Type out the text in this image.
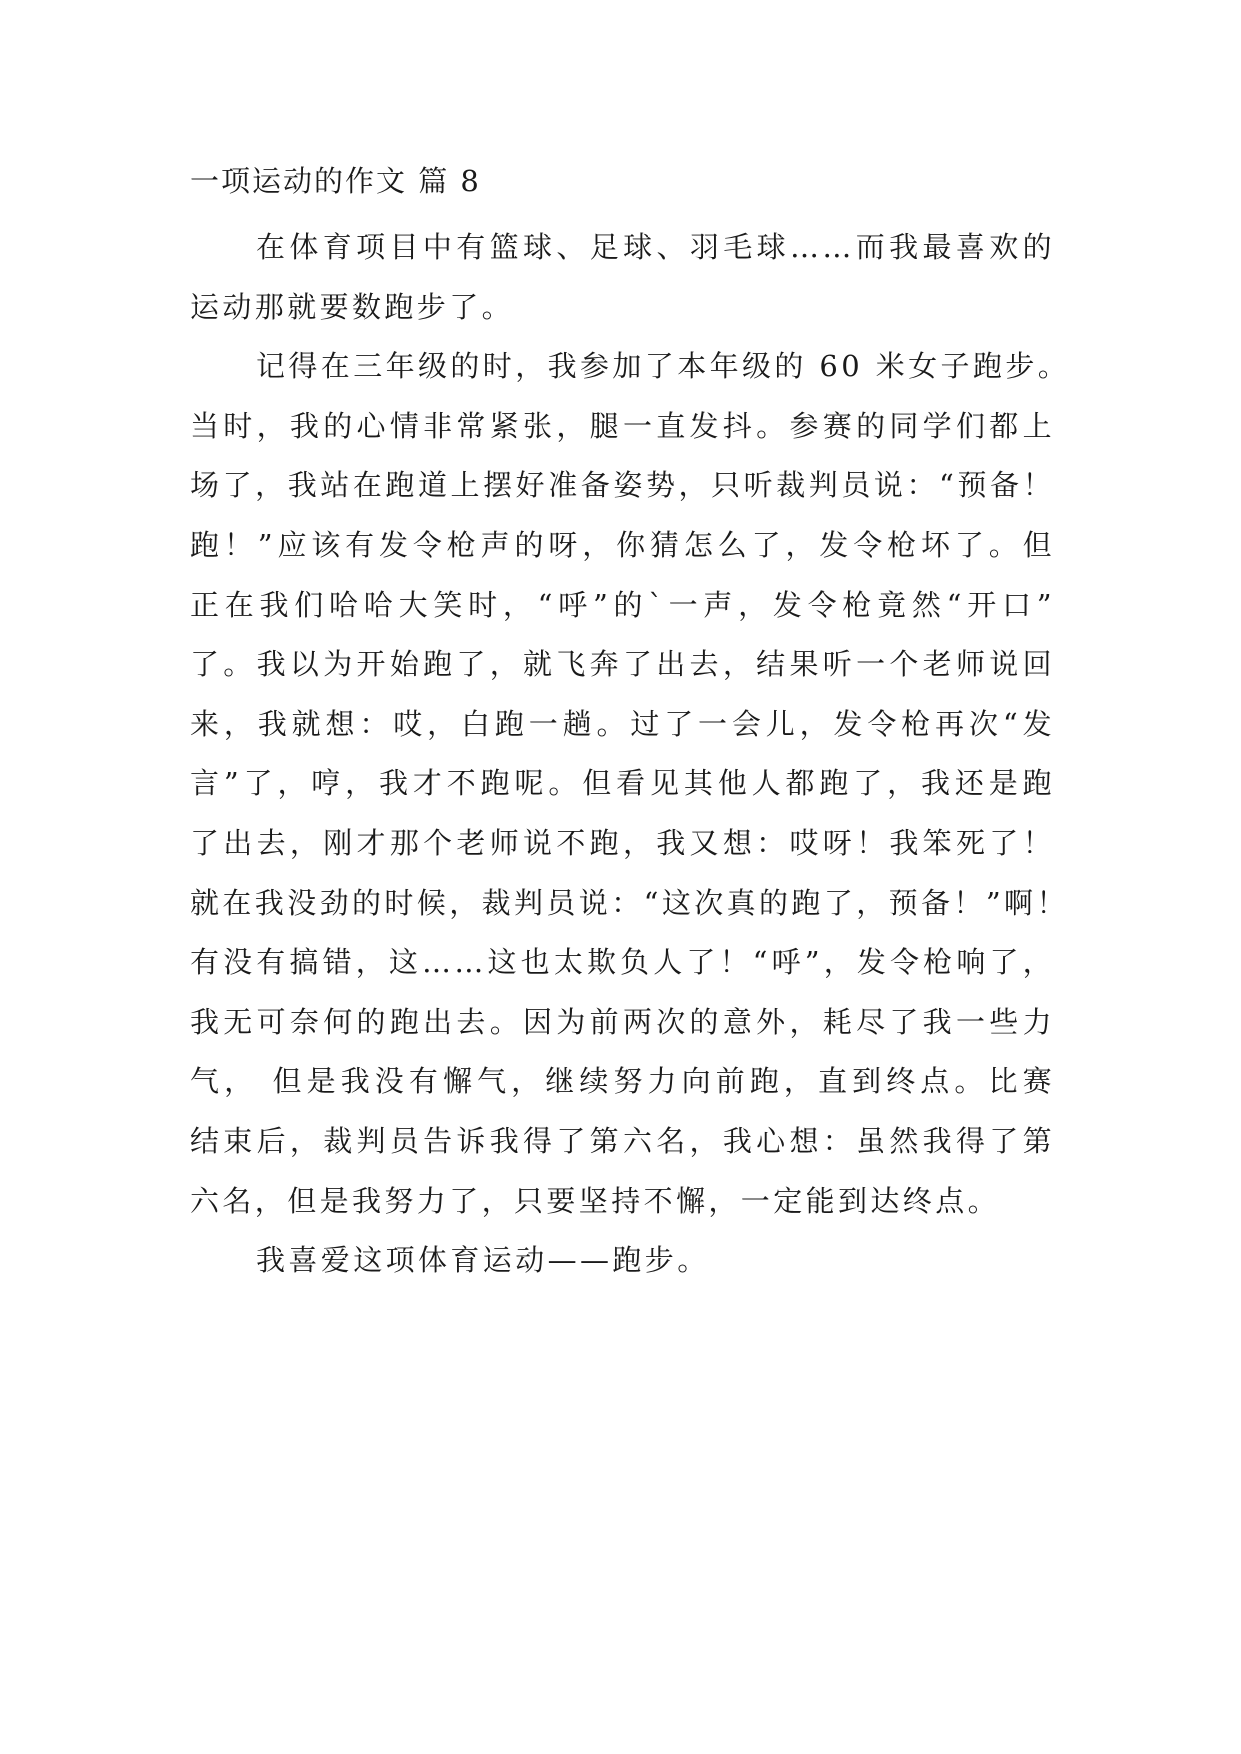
一项运动的作文 篇 8
在体育项目中有篮球、足球、羽毛球……而我最喜欢的
运动那就要数跑步了。
记得在三年级的时，我参加了本年级的 60 米女子跑步。
当时，我的心情非常紧张，腿一直发抖。参赛的同学们都上
场了，我站在跑道上摆好准备姿势，只听裁判员说：“预备！
跑！”应该有发令枪声的呀，你猜怎么了，发令枪坏了。但
正在我们哈哈大笑时，“呼”的`一声，发令枪竟然“开口”
了。我以为开始跑了，就飞奔了出去，结果听一个老师说回
来，我就想：哎，白跑一趟。过了一会儿，发令枪再次“发
言”了，哼，我才不跑呢。但看见其他人都跑了，我还是跑
了出去，刚才那个老师说不跑，我又想：哎呀！我笨死了！
就在我没劲的时候，裁判员说：“这次真的跑了，预备！”啊！
有没有搞错，这……这也太欺负人了！“呼”，发令枪响了，
我无可奈何的跑出去。因为前两次的意外，耗尽了我一些力
气， 但是我没有懈气，继续努力向前跑，直到终点。比赛
结束后，裁判员告诉我得了第六名，我心想：虽然我得了第
六名，但是我努力了，只要坚持不懈，一定能到达终点。
我喜爱这项体育运动——跑步。
